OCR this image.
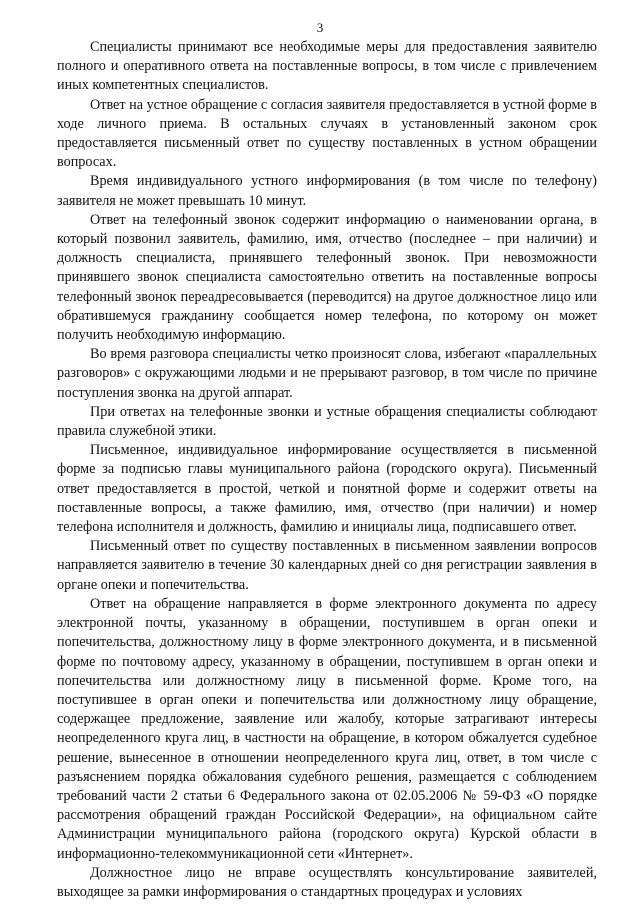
3

Специалисты принимают все необходимые меры для предоставления заявителю полного и оперативного ответа на поставленные вопросы, в том числе с привлечением иных компетентных специалистов.

Ответ на устное обращение с согласия заявителя предоставляется в устной форме в ходе личного приема. В остальных случаях в установленный законом срок предоставляется письменный ответ по существу поставленных в устном обращении вопросах.

Время индивидуального устного информирования (в том числе по телефону) заявителя не может превышать 10 минут.

Ответ на телефонный звонок содержит информацию о наименовании органа, в который позвонил заявитель, фамилию, имя, отчество (последнее – при наличии) и должность специалиста, принявшего телефонный звонок. При невозможности принявшего звонок специалиста самостоятельно ответить на поставленные вопросы телефонный звонок переадресовывается (переводится) на другое должностное лицо или обратившемуся гражданину сообщается номер телефона, по которому он может получить необходимую информацию.

Во время разговора специалисты четко произносят слова, избегают «параллельных разговоров» с окружающими людьми и не прерывают разговор, в том числе по причине поступления звонка на другой аппарат.

При ответах на телефонные звонки и устные обращения специалисты соблюдают правила служебной этики.

Письменное, индивидуальное информирование осуществляется в письменной форме за подписью главы муниципального района (городского округа). Письменный ответ предоставляется в простой, четкой и понятной форме и содержит ответы на поставленные вопросы, а также фамилию, имя, отчество (при наличии) и номер телефона исполнителя и должность, фамилию и инициалы лица, подписавшего ответ.

Письменный ответ по существу поставленных в письменном заявлении вопросов направляется заявителю в течение 30 календарных дней со дня регистрации заявления в органе опеки и попечительства.

Ответ на обращение направляется в форме электронного документа по адресу электронной почты, указанному в обращении, поступившем в орган опеки и попечительства, должностному лицу в форме электронного документа, и в письменной форме по почтовому адресу, указанному в обращении, поступившем в орган опеки и попечительства или должностному лицу в письменной форме. Кроме того, на поступившее в орган опеки и попечительства или должностному лицу обращение, содержащее предложение, заявление или жалобу, которые затрагивают интересы неопределенного круга лиц, в частности на обращение, в котором обжалуется судебное решение, вынесенное в отношении неопределенного круга лиц, ответ, в том числе с разъяснением порядка обжалования судебного решения, размещается с соблюдением требований части 2 статьи 6 Федерального закона от 02.05.2006 № 59-ФЗ «О порядке рассмотрения обращений граждан Российской Федерации», на официальном сайте Администрации муниципального района (городского округа) Курской области в информационно-телекоммуникационной сети «Интернет».

Должностное лицо не вправе осуществлять консультирование заявителей, выходящее за рамки информирования о стандартных процедурах и условиях
